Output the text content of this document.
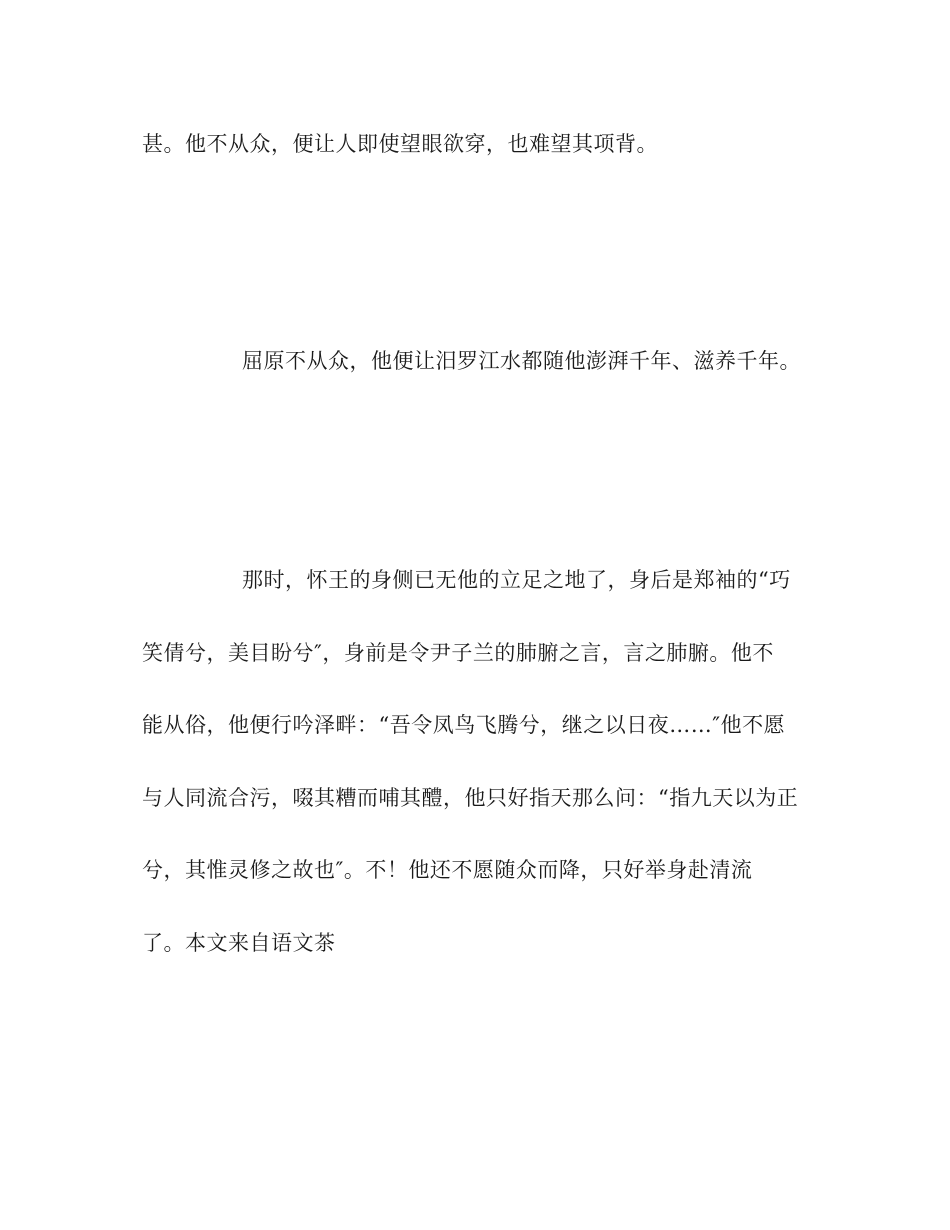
甚。他不从众，便让人即使望眼欲穿，也难望其项背。
屈原不从众，他便让汨罗江水都随他澎湃千年、滋养千年。
那时，怀王的身侧已无他的立足之地了，身后是郑袖的“巧
笑倩兮，美目盼兮″，身前是令尹子兰的肺腑之言，言之肺腑。他不
能从俗，他便行吟泽畔：“吾令凤鸟飞腾兮，继之以日夜……″他不愿
与人同流合污，啜其糟而哺其醴，他只好指天那么问：“指九天以为正
兮，其惟灵修之故也″。不！他还不愿随众而降，只好举身赴清流
了。本文来自语文茶
